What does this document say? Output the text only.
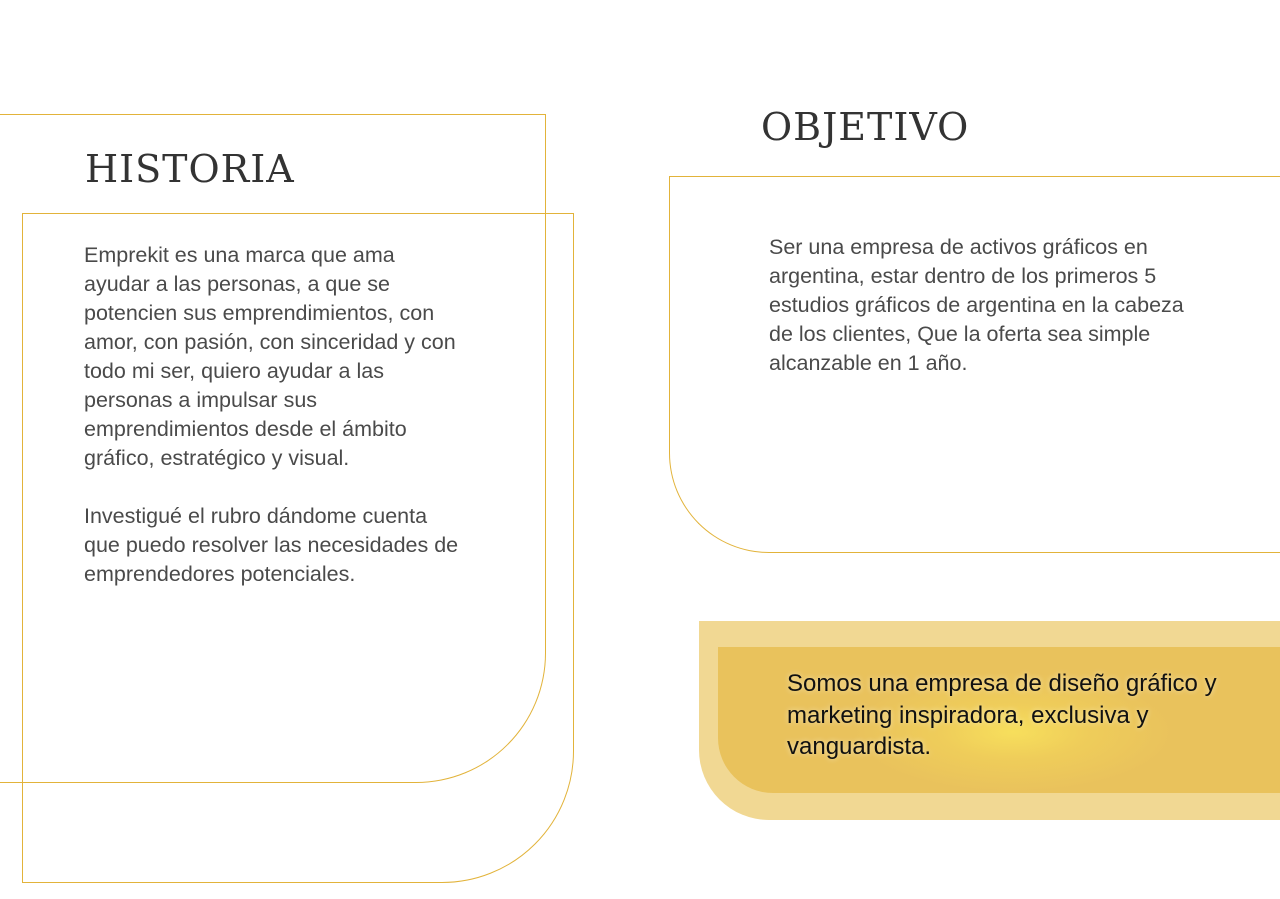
HISTORIA

Emprekit es una marca que ama ayudar a las personas, a que se potencien sus emprendimientos, con amor, con pasión, con sinceridad y con todo mi ser, quiero ayudar a las personas a impulsar sus emprendimientos desde el ámbito gráfico, estratégico y visual.

Investigué el rubro dándome cuenta que puedo resolver las necesidades de emprendedores potenciales.

OBJETIVO

Ser una empresa de activos gráficos en argentina, estar dentro de los primeros 5 estudios gráficos de argentina en la cabeza de los clientes, Que la oferta sea simple alcanzable en 1 año.

Somos una empresa de diseño gráfico y marketing inspiradora, exclusiva y vanguardista.
